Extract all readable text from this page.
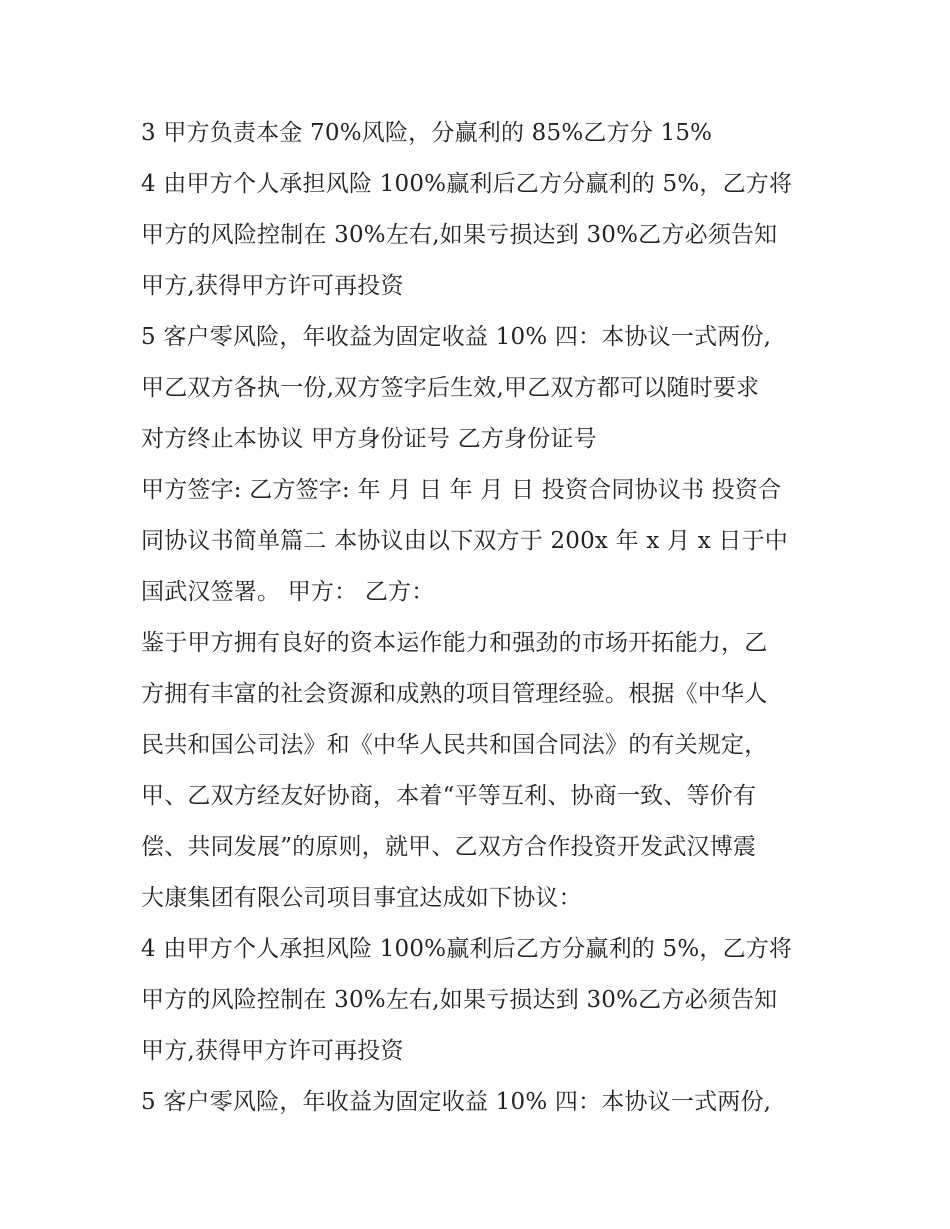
3 甲方负责本金 70%风险，分赢利的 85%乙方分 15%
4 由甲方个人承担风险 100%赢利后乙方分赢利的 5%，乙方将
甲方的风险控制在 30%左右,如果亏损达到 30%乙方必须告知
甲方,获得甲方许可再投资
5 客户零风险，年收益为固定收益 10% 四：本协议一式两份,
甲乙双方各执一份,双方签字后生效,甲乙双方都可以随时要求
对方终止本协议 甲方身份证号 乙方身份证号
甲方签字: 乙方签字: 年 月 日 年 月 日 投资合同协议书 投资合
同协议书简单篇二 本协议由以下双方于 200x 年 x 月 x 日于中
国武汉签署。 甲方： 乙方：
鉴于甲方拥有良好的资本运作能力和强劲的市场开拓能力，乙
方拥有丰富的社会资源和成熟的项目管理经验。根据《中华人
民共和国公司法》和《中华人民共和国合同法》的有关规定，
甲、乙双方经友好协商，本着“平等互利、协商一致、等价有
偿、共同发展”的原则，就甲、乙双方合作投资开发武汉博震
大康集团有限公司项目事宜达成如下协议：
4 由甲方个人承担风险 100%赢利后乙方分赢利的 5%，乙方将
甲方的风险控制在 30%左右,如果亏损达到 30%乙方必须告知
甲方,获得甲方许可再投资
5 客户零风险，年收益为固定收益 10% 四：本协议一式两份,
